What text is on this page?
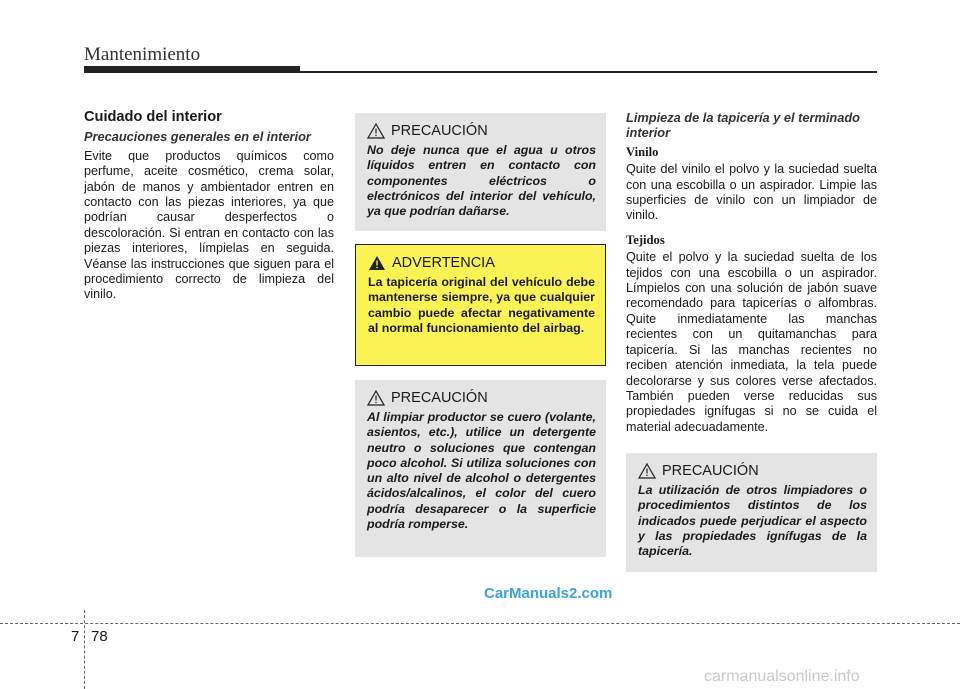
Mantenimiento
Cuidado del interior
Precauciones generales en el interior

Evite que productos químicos como perfume, aceite cosmético, crema solar, jabón de manos y ambientador entren en contacto con las piezas interiores, ya que podrían causar desperfectos o descoloración. Si entran en contacto con las piezas interiores, límpielas en seguida. Véanse las instrucciones que siguen para el procedimiento correcto de limpieza del vinilo.

PRECAUCIÓN

No deje nunca que el agua u otros líquidos entren en contacto con componentes eléctricos o electrónicos del interior del vehículo, ya que podrían dañarse.

ADVERTENCIA

La tapicería original del vehículo debe mantenerse siempre, ya que cualquier cambio puede afectar negativamente al normal funcionamiento del airbag.

PRECAUCIÓN

Al limpiar productor se cuero (volante, asientos, etc.), utilice un detergente neutro o soluciones que contengan poco alcohol. Si utiliza soluciones con un alto nivel de alcohol o detergentes ácidos/alcalinos, el color del cuero podría desaparecer o la superficie podría romperse.

Limpieza de la tapicería y el terminado interior
Vinilo

Quite del vinilo el polvo y la suciedad suelta con una escobilla o un aspirador. Limpie las superficies de vinilo con un limpiador de vinilo.

Tejidos

Quite el polvo y la suciedad suelta de los tejidos con una escobilla o un aspirador. Límpielos con una solución de jabón suave recomendado para tapicerías o alfombras. Quite inmediatamente las manchas recientes con un quitamanchas para tapicería. Si las manchas recientes no reciben atención inmediata, la tela puede decolorarse y sus colores verse afectados. También pueden verse reducidas sus propiedades ignífugas si no se cuida el material adecuadamente.

PRECAUCIÓN

La utilización de otros limpiadores o procedimientos distintos de los indicados puede perjudicar el aspecto y las propiedades ignífugas de la tapicería.

CarManuals2.com
7 78
carmanualsonline.info
